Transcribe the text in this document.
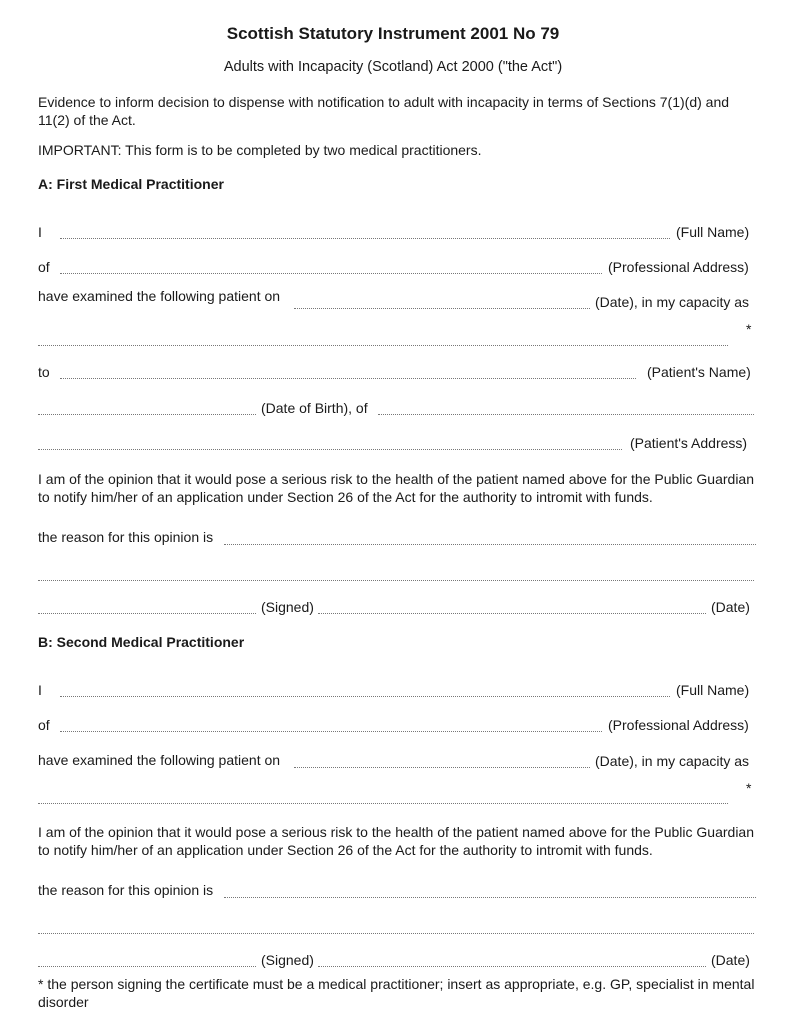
Scottish Statutory Instrument 2001 No 79
Adults with Incapacity (Scotland) Act 2000 ("the Act")
Evidence to inform decision to dispense with notification to adult with incapacity in terms of Sections 7(1)(d) and 11(2) of the Act.
IMPORTANT: This form is to be completed by two medical practitioners.
A: First Medical Practitioner
I	(Full Name)
of	(Professional Address)
have examined the following patient on	(Date), in my capacity as
*
to	(Patient's Name)
(Date of Birth), of
(Patient's Address)
I am of the opinion that it would pose a serious risk to the health of the patient named above for the Public Guardian to notify him/her of an application under Section 26 of the Act for the authority to intromit with funds.
the reason for this opinion is
(Signed)	(Date)
B: Second Medical Practitioner
I	(Full Name)
of	(Professional Address)
have examined the following patient on	(Date), in my capacity as
*
I am of the opinion that it would pose a serious risk to the health of the patient named above for the Public Guardian to notify him/her of an application under Section 26 of the Act for the authority to intromit with funds.
the reason for this opinion is
(Signed)	(Date)
* the person signing the certificate must be a medical practitioner; insert as appropriate, e.g. GP, specialist in mental disorder
